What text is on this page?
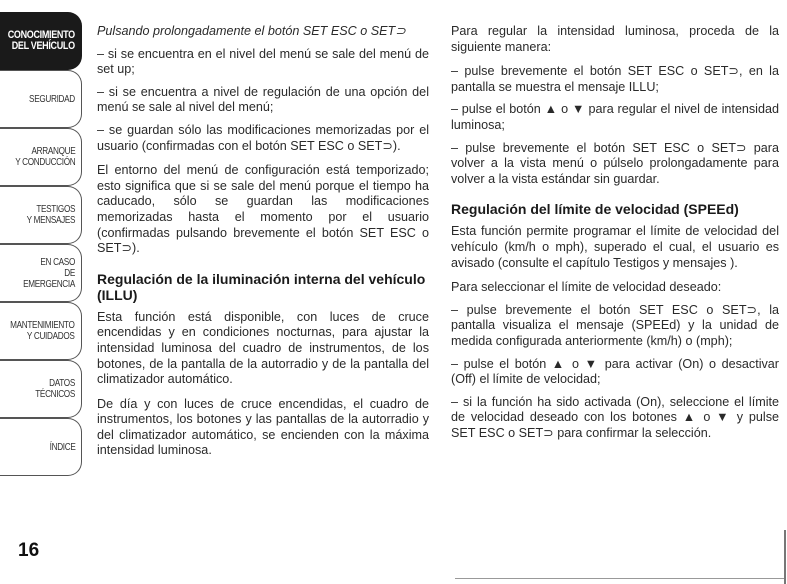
CONOCIMIENTO
DEL VEHÍCULO
SEGURIDAD
ARRANQUE
Y CONDUCCIÓN
TESTIGOS
Y MENSAJES
EN CASO
DE EMERGENCIA
MANTENIMIENTO
Y CUIDADOS
DATOS TÉCNICOS
ÍNDICE
16

Pulsando prolongadamente el botón SET ESC o SET⊃

– si se encuentra en el nivel del menú se sale del menú de set up;

– si se encuentra a nivel de regulación de una opción del menú se sale al nivel del menú;

– se guardan sólo las modificaciones memorizadas por el usuario (confirmadas con el botón SET ESC o SET⊃).

El entorno del menú de configuración está temporizado; esto significa que si se sale del menú porque el tiempo ha caducado, sólo se guardan las modificaciones memorizadas hasta el momento por el usuario (confirmadas pulsando brevemente el botón SET ESC o SET⊃).

Regulación de la iluminación interna del vehículo (ILLU)

Esta función está disponible, con luces de cruce encendidas y en condiciones nocturnas, para ajustar la intensidad luminosa del cuadro de instrumentos, de los botones, de la pantalla de la autorradio y de la pantalla del climatizador automático.

De día y con luces de cruce encendidas, el cuadro de instrumentos, los botones y las pantallas de la autorradio y del climatizador automático, se encienden con la máxima intensidad luminosa.

Para regular la intensidad luminosa, proceda de la siguiente manera:

– pulse brevemente el botón SET ESC o SET⊃, en la pantalla se muestra el mensaje ILLU;

– pulse el botón ▲ o ▼ para regular el nivel de intensidad luminosa;

– pulse brevemente el botón SET ESC o SET⊃ para volver a la vista menú o púlselo prolongadamente para volver a la vista estándar sin guardar.

Regulación del límite de velocidad (SPEEd)

Esta función permite programar el límite de velocidad del vehículo (km/h o mph), superado el cual, el usuario es avisado (consulte el capítulo Testigos y mensajes ).

Para seleccionar el límite de velocidad deseado:

– pulse brevemente el botón SET ESC o SET⊃, la pantalla visualiza el mensaje (SPEEd) y la unidad de medida configurada anteriormente (km/h) o (mph);

– pulse el botón ▲ o ▼ para activar (On) o desactivar (Off) el límite de velocidad;

– si la función ha sido activada (On), seleccione el límite de velocidad deseado con los botones ▲ o ▼ y pulse SET ESC o SET⊃ para confirmar la selección.
